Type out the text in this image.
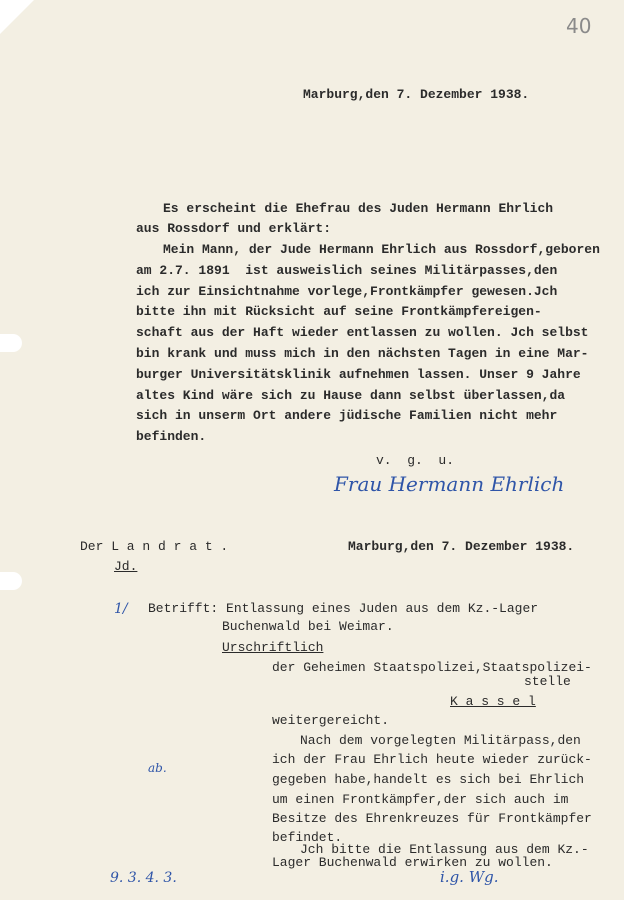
40
Marburg,den 7. Dezember 1938.
Es erscheint die Ehefrau des Juden Hermann Ehrlich
aus Rossdorf und erklärt:
Mein Mann, der Jude Hermann Ehrlich aus Rossdorf,geboren
am 2.7. 1891  ist ausweislich seines Militärpasses,den
ich zur Einsichtnahme vorlege,Frontkämpfer gewesen.Jch
bitte ihn mit Rücksicht auf seine Frontkämpfereigen-
schaft aus der Haft wieder entlassen zu wollen. Jch selbst
bin krank und muss mich in den nächsten Tagen in eine Mar-
burger Universitätsklinik aufnehmen lassen. Unser 9 Jahre
altes Kind wäre sich zu Hause dann selbst überlassen,da
sich in unserm Ort andere jüdische Familien nicht mehr
befinden.
v.  g.  u.
Frau Hermann Ehrlich
Der L a n d r a t .
Jd.
Marburg,den 7. Dezember 1938.
1/ Betrifft: Entlassung eines Juden aus dem Kz.-Lager
Buchenwald bei Weimar.
Urschriftlich
der Geheimen Staatspolizei,Staatspolizei-
stelle
K a s s e l
weitergereicht.
Nach dem vorgelegten Militärpass,den
ich der Frau Ehrlich heute wieder zurück-
gegeben habe,handelt es sich bei Ehrlich
um einen Frontkämpfer,der sich auch im
Besitze des Ehrenkreuzes für Frontkämpfer
befindet.
Jch bitte die Entlassung aus dem Kz.-
Lager Buchenwald erwirken zu wollen.
ab.
9. 3. 4. 3.	i.g. Wg.
